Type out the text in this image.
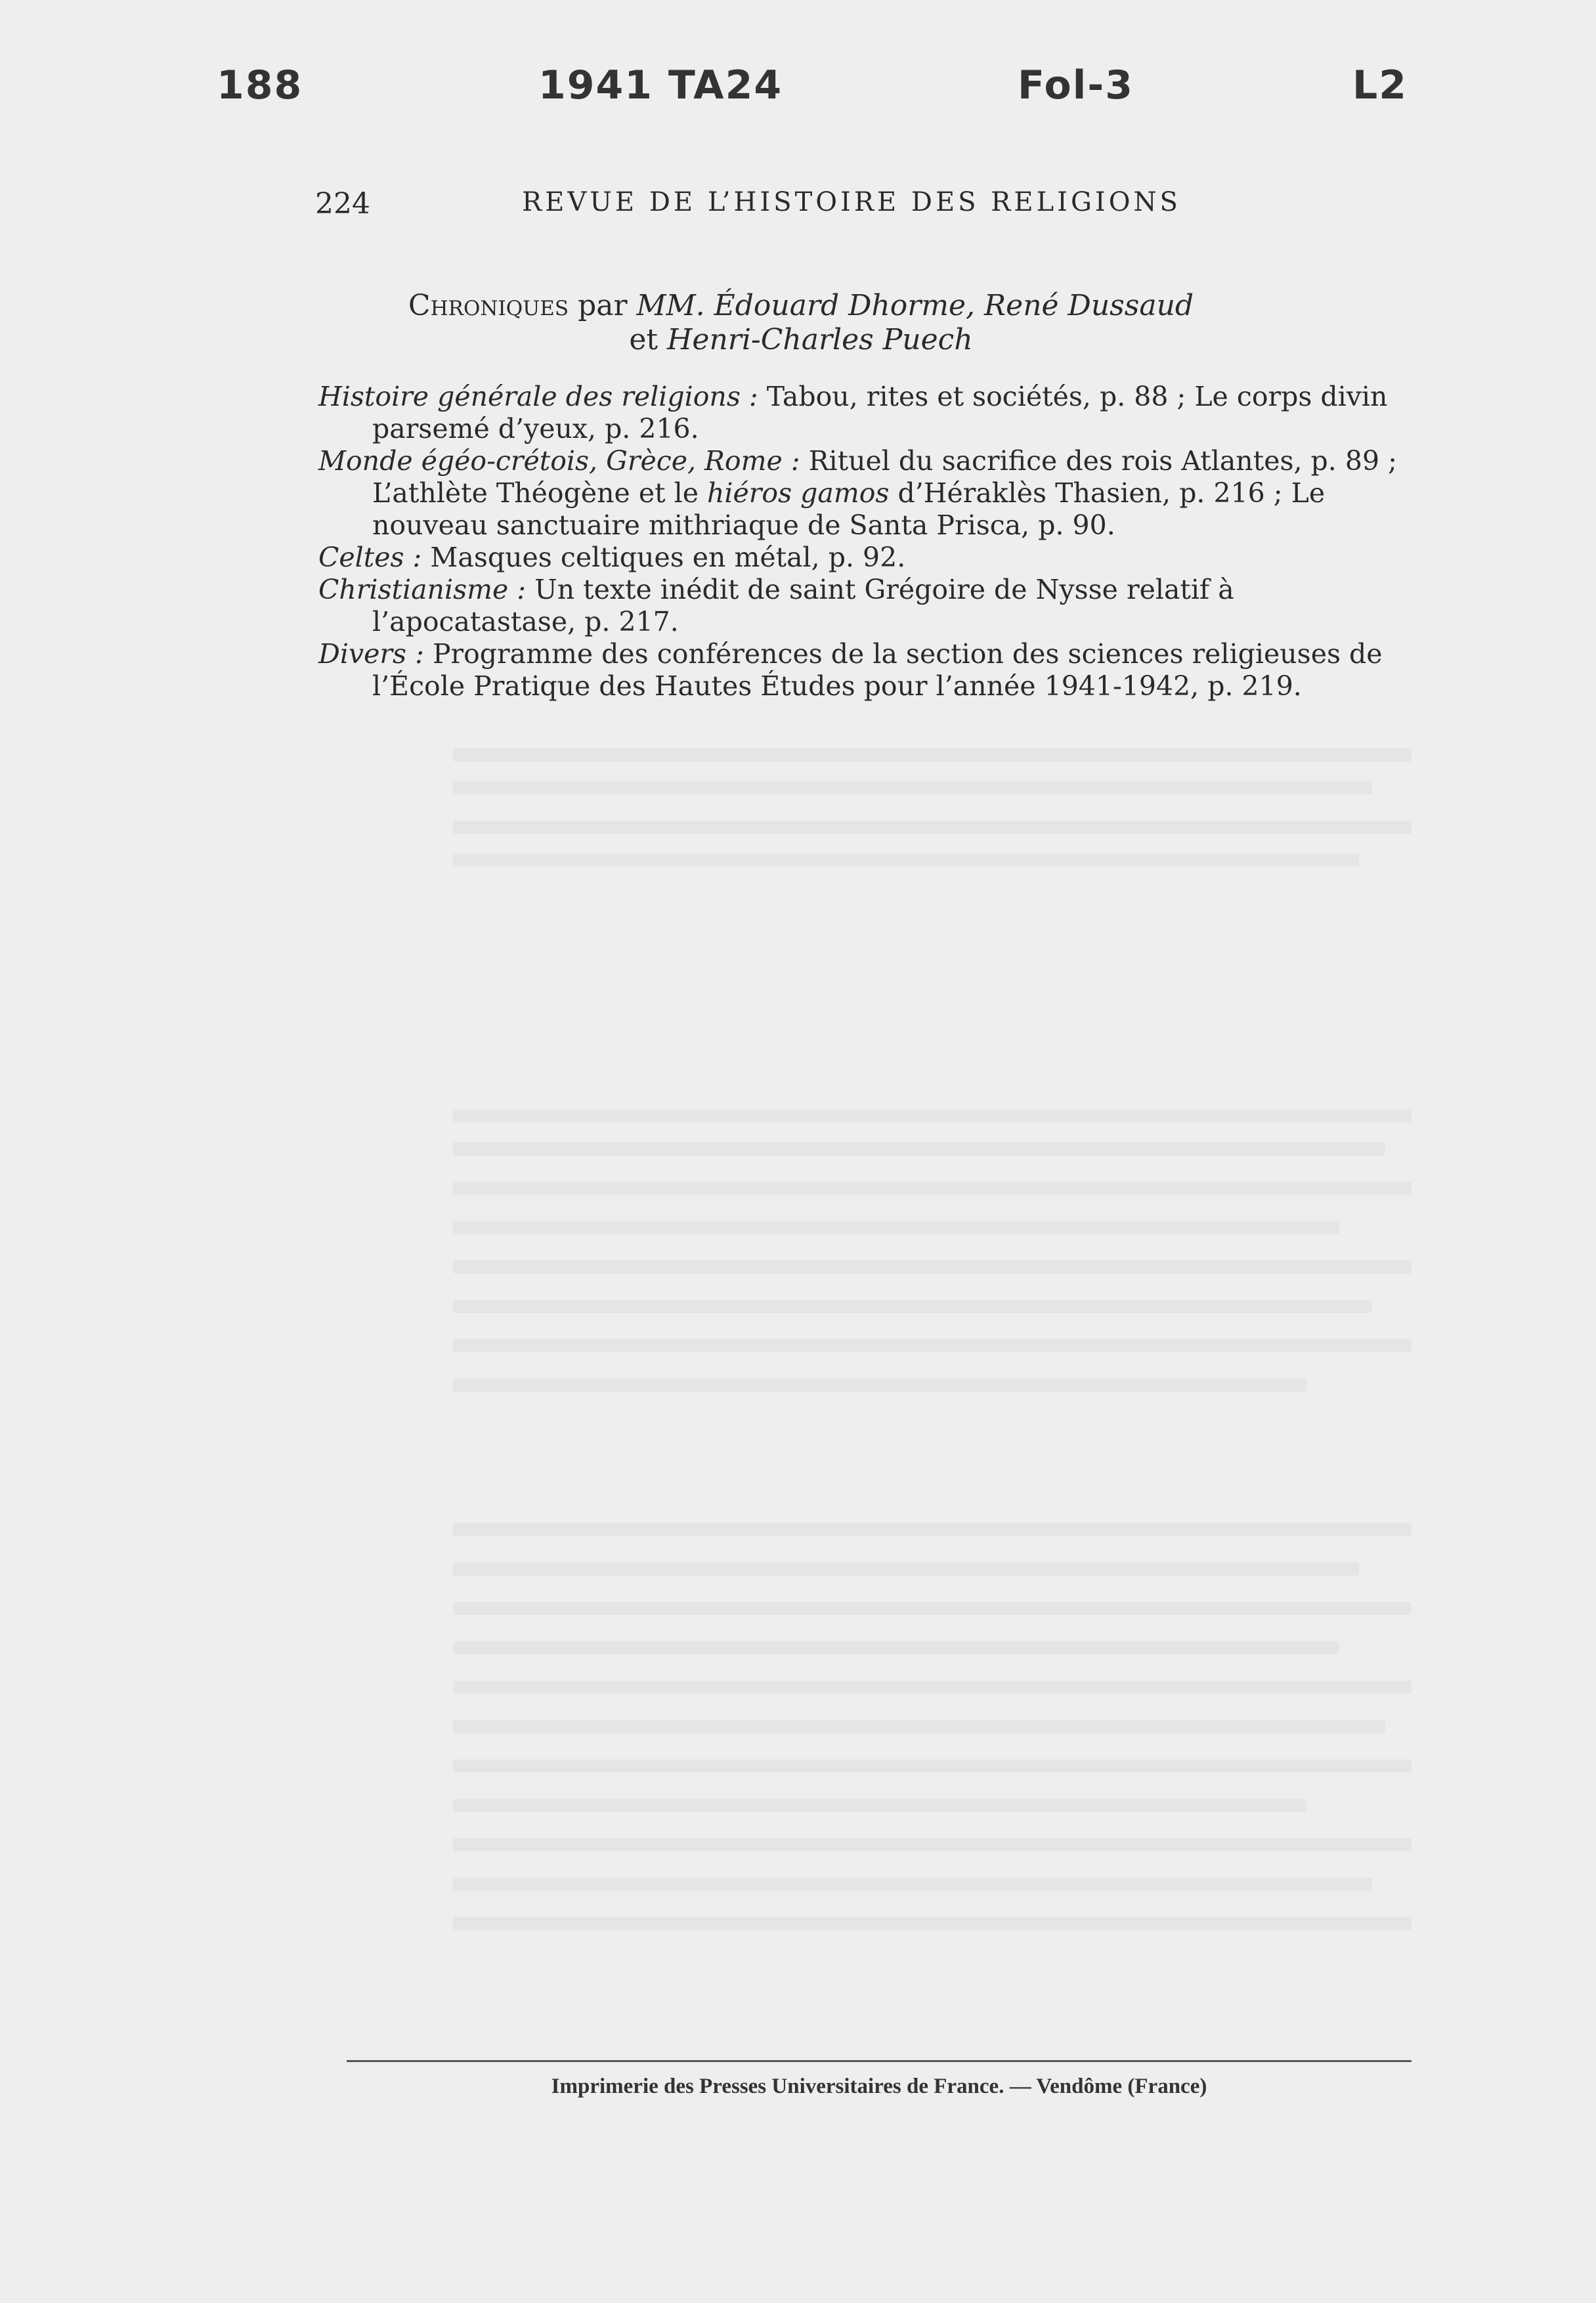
188	1941 TA24	Fol-3	L2
224	REVUE DE L’HISTOIRE DES RELIGIONS
Chroniques par MM. Édouard Dhorme, René Dussaud
et Henri-Charles Puech
Histoire générale des religions : Tabou, rites et sociétés, p. 88 ; Le corps divin parsemé d’yeux, p. 216.
Monde égéo-crétois, Grèce, Rome : Rituel du sacrifice des rois Atlantes, p. 89 ; L’athlète Théogène et le hiéros gamos d’Héraklès Thasien, p. 216 ; Le nouveau sanctuaire mithriaque de Santa Prisca, p. 90.
Celtes : Masques celtiques en métal, p. 92.
Christianisme : Un texte inédit de saint Grégoire de Nysse relatif à l’apocatastase, p. 217.
Divers : Programme des conférences de la section des sciences religieuses de l’École Pratique des Hautes Études pour l’année 1941-1942, p. 219.
Imprimerie des Presses Universitaires de France. — Vendôme (France)
